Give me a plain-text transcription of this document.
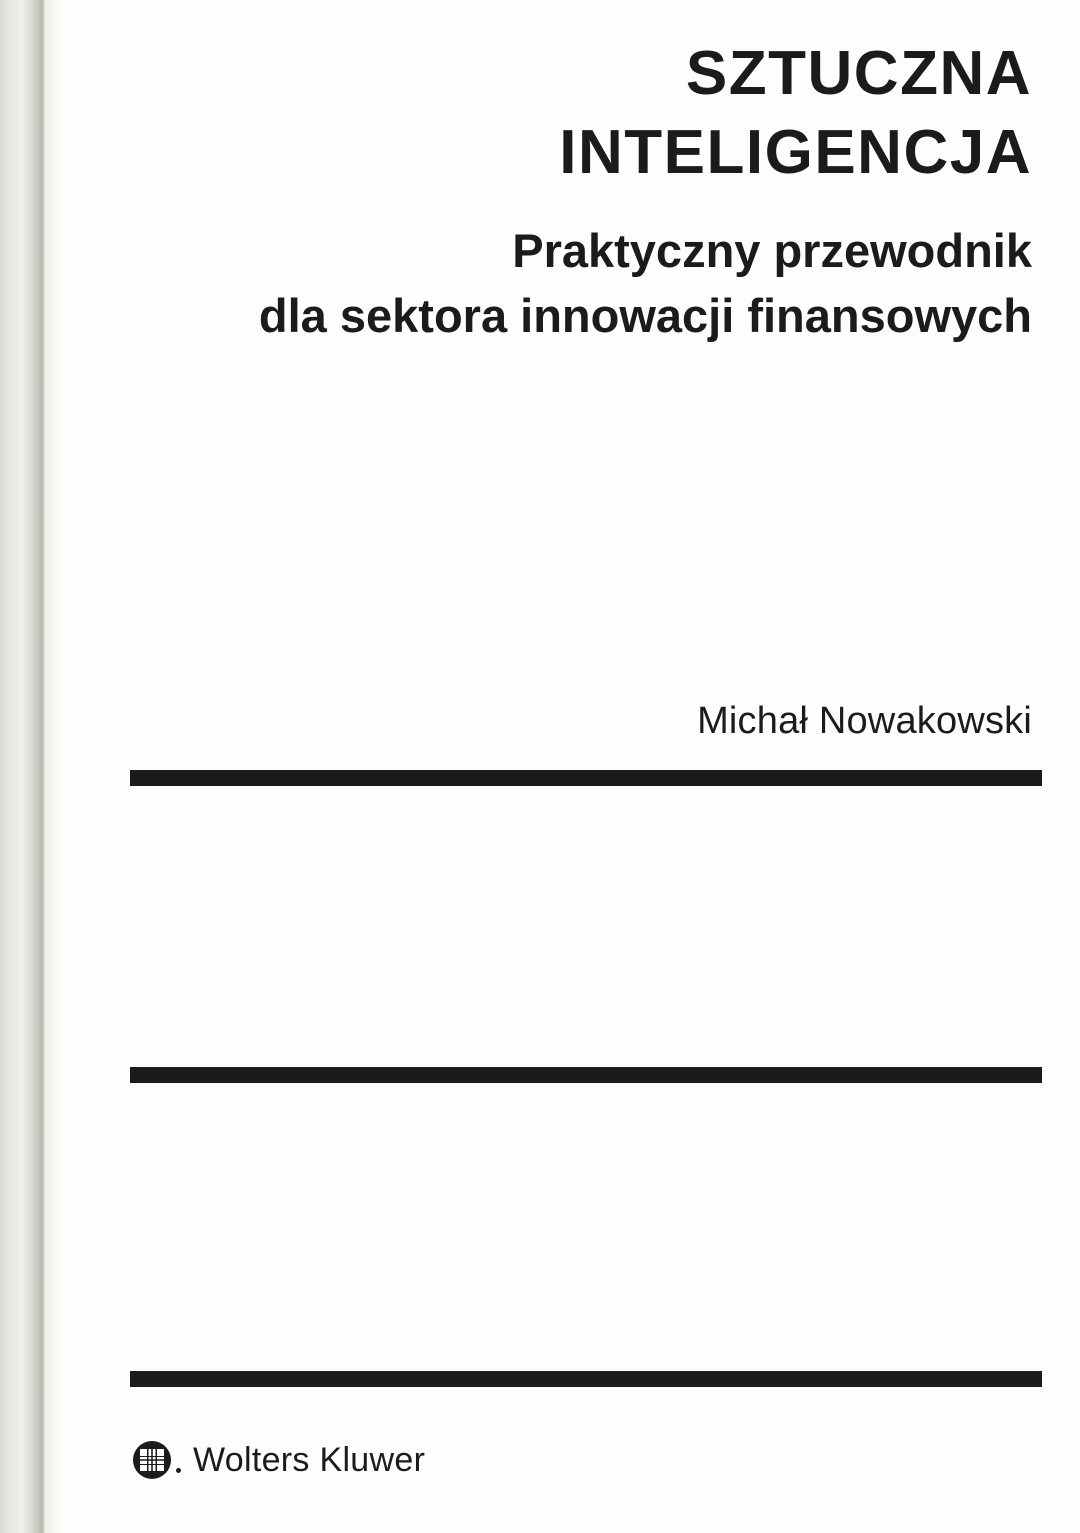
SZTUCZNA
INTELIGENCJA
Praktyczny przewodnik
dla sektora innowacji finansowych
Michał Nowakowski
Wolters Kluwer
